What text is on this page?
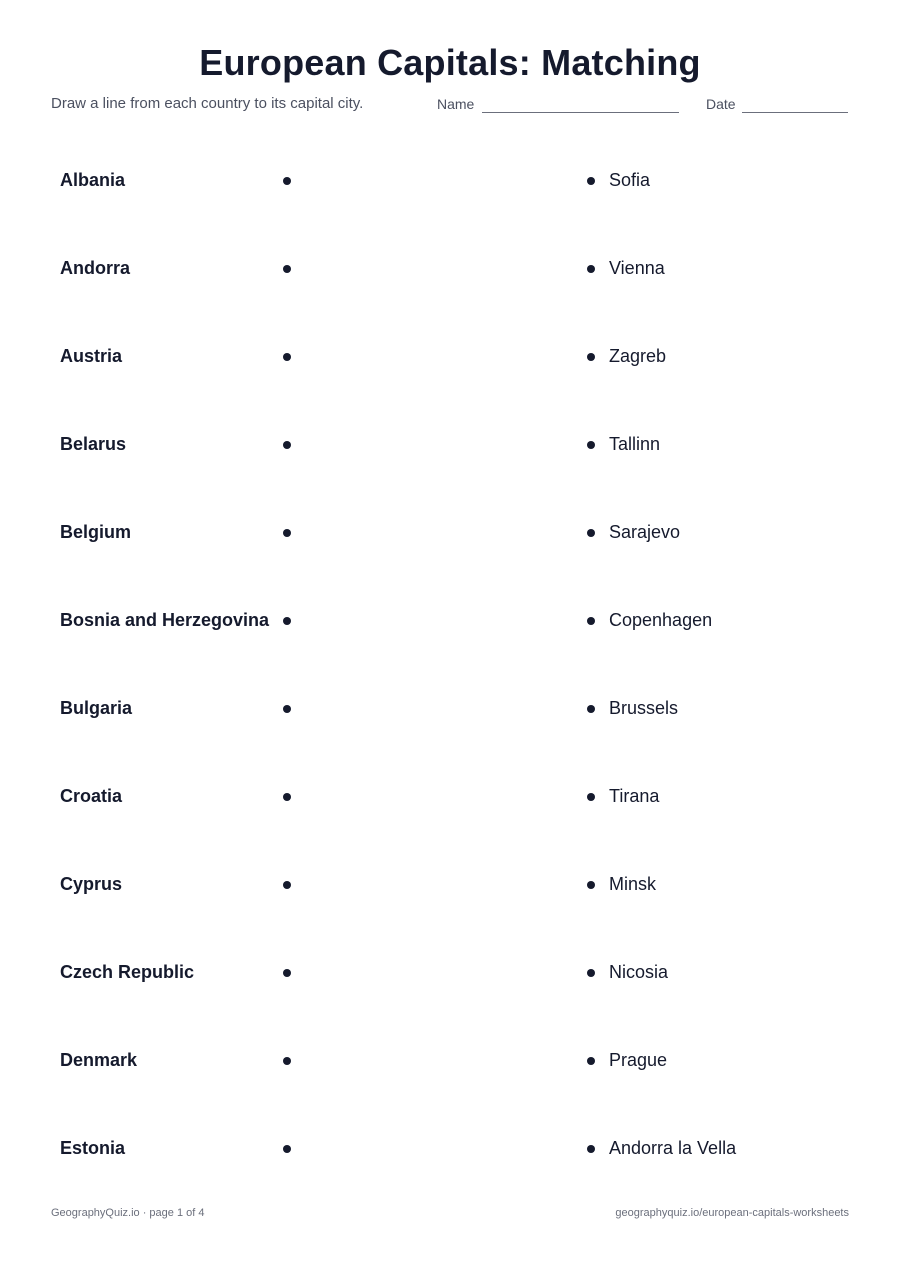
European Capitals: Matching
Draw a line from each country to its capital city.	Name	Date
Albania	Sofia
Andorra	Vienna
Austria	Zagreb
Belarus	Tallinn
Belgium	Sarajevo
Bosnia and Herzegovina	Copenhagen
Bulgaria	Brussels
Croatia	Tirana
Cyprus	Minsk
Czech Republic	Nicosia
Denmark	Prague
Estonia	Andorra la Vella
GeographyQuiz.io · page 1 of 4	geographyquiz.io/european-capitals-worksheets
